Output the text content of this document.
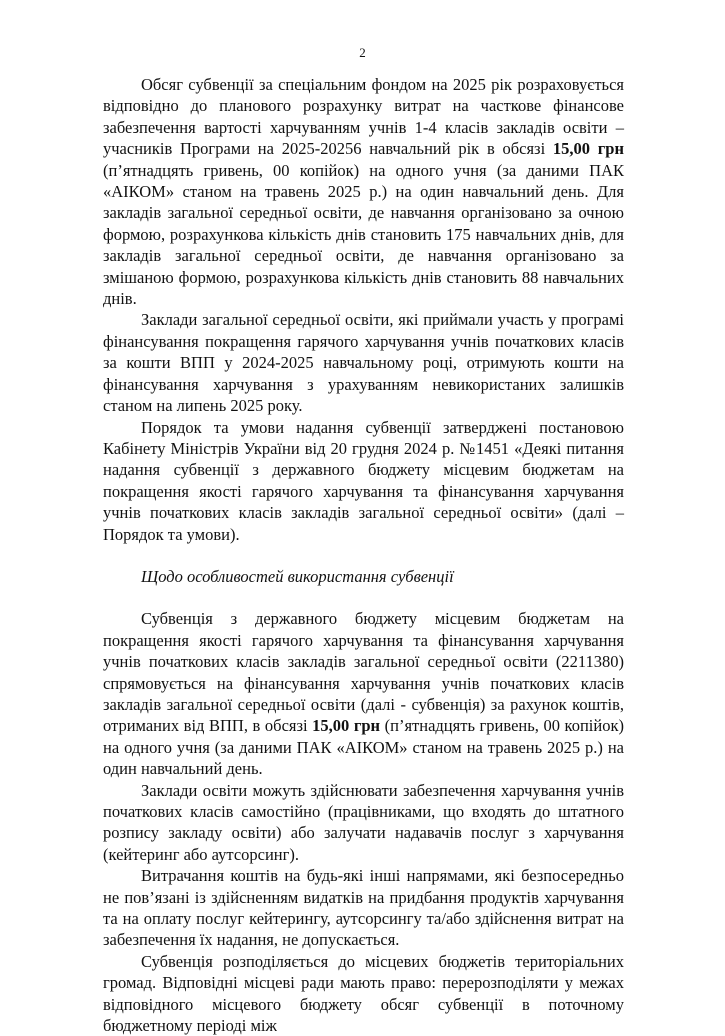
2

Обсяг субвенції за спеціальним фондом на 2025 рік розраховується відповідно до планового розрахунку витрат на часткове фінансове забезпечення вартості харчуванням учнів 1-4 класів закладів освіти – учасників Програми на 2025-20256 навчальний рік в обсязі 15,00 грн (п’ятнадцять гривень, 00 копійок) на одного учня (за даними ПАК «АІКОМ» станом на травень 2025 р.) на один навчальний день. Для закладів загальної середньої освіти, де навчання організовано за очною формою, розрахункова кількість днів становить 175 навчальних днів, для закладів загальної середньої освіти, де навчання організовано за змішаною формою, розрахункова кількість днів становить 88 навчальних днів.

Заклади загальної середньої освіти, які приймали участь у програмі фінансування покращення гарячого харчування учнів початкових класів за кошти ВПП у 2024-2025 навчальному році, отримують кошти на фінансування харчування з урахуванням невикористаних залишків станом на липень 2025 року.

Порядок та умови надання субвенції затверджені постановою Кабінету Міністрів України від 20 грудня 2024 р. №1451 «Деякі питання надання субвенції з державного бюджету місцевим бюджетам на покращення якості гарячого харчування та фінансування харчування учнів початкових класів закладів загальної середньої освіти» (далі – Порядок та умови).

Щодо особливостей використання субвенції

Субвенція з державного бюджету місцевим бюджетам на покращення якості гарячого харчування та фінансування харчування учнів початкових класів закладів загальної середньої освіти (2211380) спрямовується на фінансування харчування учнів початкових класів закладів загальної середньої освіти (далі - субвенція) за рахунок коштів, отриманих від ВПП, в обсязі 15,00 грн (п’ятнадцять гривень, 00 копійок) на одного учня (за даними ПАК «АІКОМ» станом на травень 2025 р.) на один навчальний день.

Заклади освіти можуть здійснювати забезпечення харчування учнів початкових класів самостійно (працівниками, що входять до штатного розпису закладу освіти) або залучати надавачів послуг з харчування (кейтеринг або аутсорсинг).

Витрачання коштів на будь-які інші напрямами, які безпосередньо не пов’язані із здійсненням видатків на придбання продуктів харчування та на оплату послуг кейтерингу, аутсорсингу та/або здійснення витрат на забезпечення їх надання, не допускається.

Субвенція розподіляється до місцевих бюджетів територіальних громад. Відповідні місцеві ради мають право: перерозподіляти у межах відповідного місцевого бюджету обсяг субвенції в поточному бюджетному періоді між
